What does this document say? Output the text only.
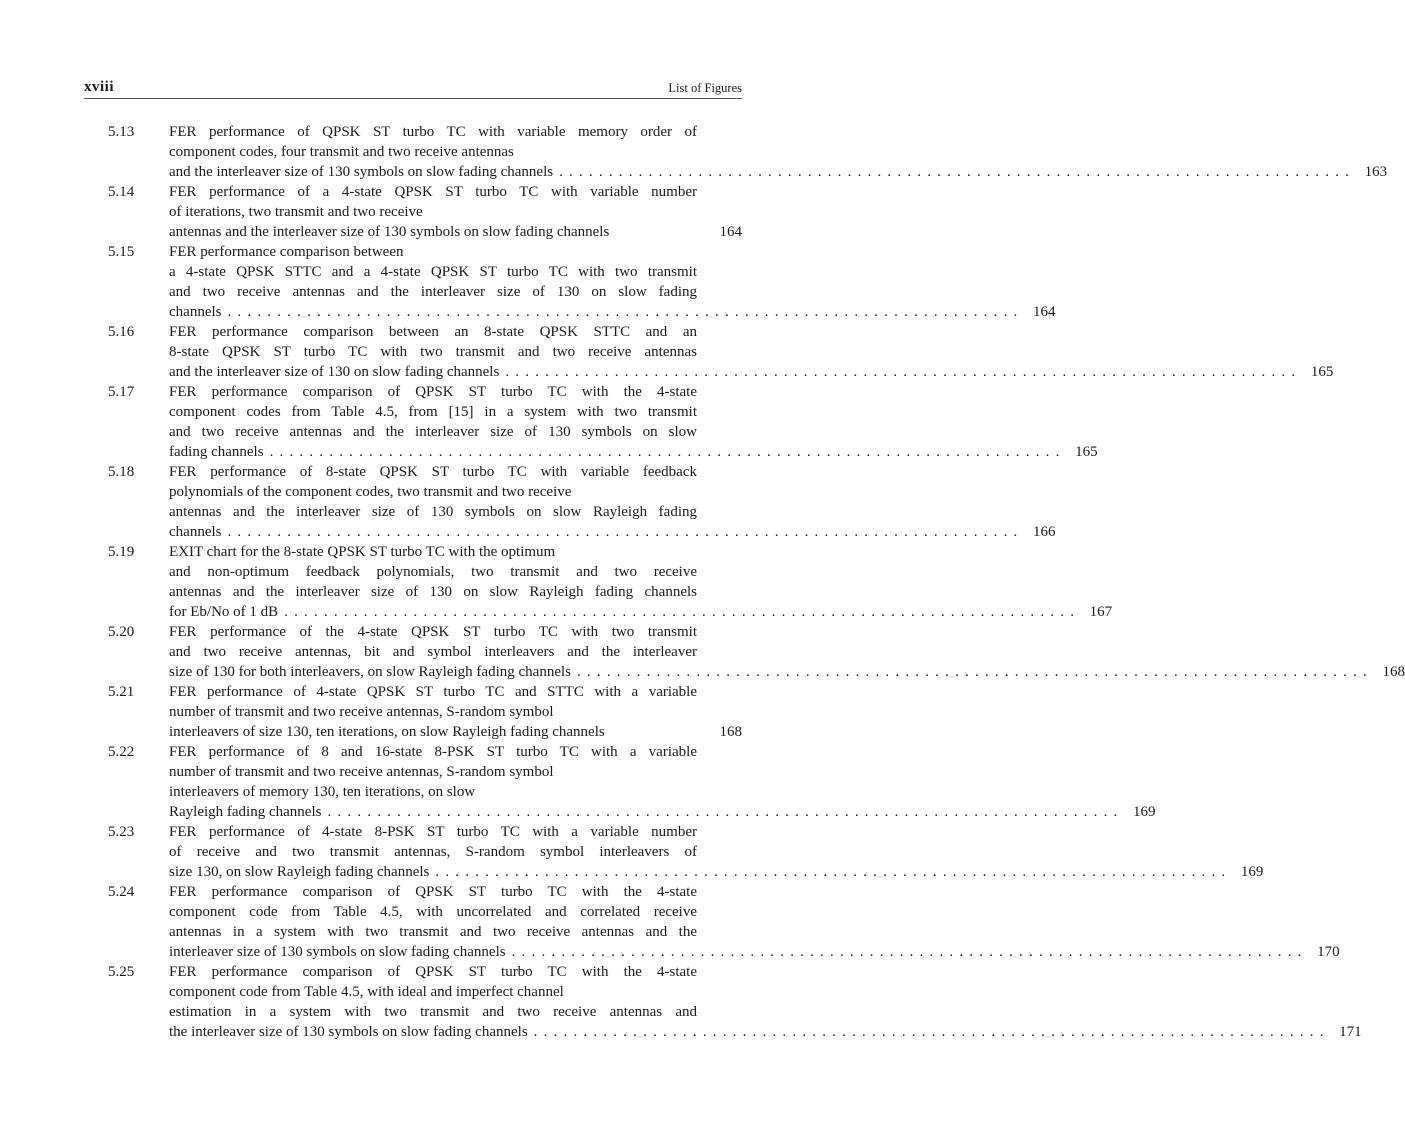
xviii	List of Figures
5.13	FER performance of QPSK ST turbo TC with variable memory order of
component codes, four transmit and two receive antennas
and the interleaver size of 130 symbols on slow fading channels ................................................................................ 163
5.14	FER performance of a 4-state QPSK ST turbo TC with variable number
of iterations, two transmit and two receive
antennas and the interleaver size of 130 symbols on slow fading channels	164
5.15	FER performance comparison between
a 4-state QPSK STTC and a 4-state QPSK ST turbo TC with two transmit
and two receive antennas and the interleaver size of 130 on slow fading
channels ................................................................................ 164
5.16	FER performance comparison between an 8-state QPSK STTC and an
8-state QPSK ST turbo TC with two transmit and two receive antennas
and the interleaver size of 130 on slow fading channels ................................................................................ 165
5.17	FER performance comparison of QPSK ST turbo TC with the 4-state
component codes from Table 4.5, from [15] in a system with two transmit
and two receive antennas and the interleaver size of 130 symbols on slow
fading channels ................................................................................ 165
5.18	FER performance of 8-state QPSK ST turbo TC with variable feedback
polynomials of the component codes, two transmit and two receive
antennas and the interleaver size of 130 symbols on slow Rayleigh fading
channels ................................................................................ 166
5.19	EXIT chart for the 8-state QPSK ST turbo TC with the optimum
and non-optimum feedback polynomials, two transmit and two receive
antennas and the interleaver size of 130 on slow Rayleigh fading channels
for Eb/No of 1 dB ................................................................................ 167
5.20	FER performance of the 4-state QPSK ST turbo TC with two transmit
and two receive antennas, bit and symbol interleavers and the interleaver
size of 130 for both interleavers, on slow Rayleigh fading channels ................................................................................ 168
5.21	FER performance of 4-state QPSK ST turbo TC and STTC with a variable
number of transmit and two receive antennas, S-random symbol
interleavers of size 130, ten iterations, on slow Rayleigh fading channels	168
5.22	FER performance of 8 and 16-state 8-PSK ST turbo TC with a variable
number of transmit and two receive antennas, S-random symbol
interleavers of memory 130, ten iterations, on slow
Rayleigh fading channels ................................................................................ 169
5.23	FER performance of 4-state 8-PSK ST turbo TC with a variable number
of receive and two transmit antennas, S-random symbol interleavers of
size 130, on slow Rayleigh fading channels ................................................................................ 169
5.24	FER performance comparison of QPSK ST turbo TC with the 4-state
component code from Table 4.5, with uncorrelated and correlated receive
antennas in a system with two transmit and two receive antennas and the
interleaver size of 130 symbols on slow fading channels ................................................................................ 170
5.25	FER performance comparison of QPSK ST turbo TC with the 4-state
component code from Table 4.5, with ideal and imperfect channel
estimation in a system with two transmit and two receive antennas and
the interleaver size of 130 symbols on slow fading channels ................................................................................ 171
